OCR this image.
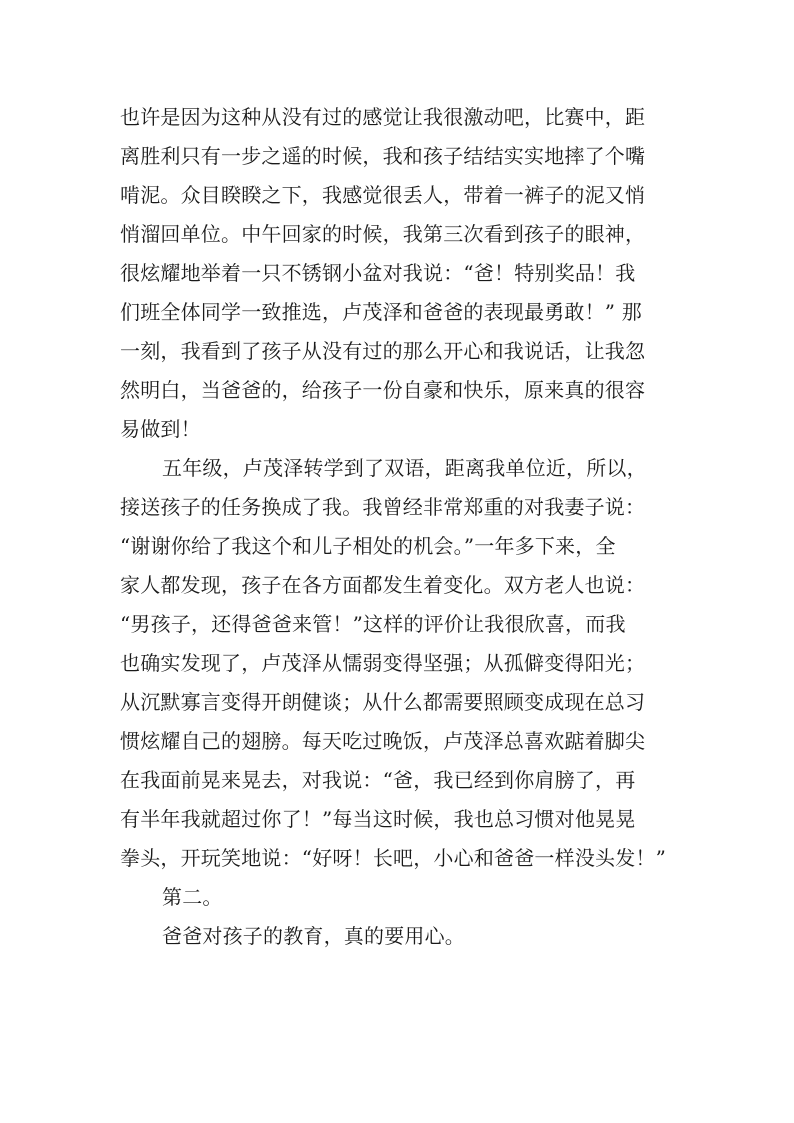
也许是因为这种从没有过的感觉让我很激动吧，比赛中，距
离胜利只有一步之遥的时候，我和孩子结结实实地摔了个嘴
啃泥。众目睽睽之下，我感觉很丢人，带着一裤子的泥又悄
悄溜回单位。中午回家的时候，我第三次看到孩子的眼神，
很炫耀地举着一只不锈钢小盆对我说：“爸！特别奖品！我
们班全体同学一致推选，卢茂泽和爸爸的表现最勇敢！” 那
一刻，我看到了孩子从没有过的那么开心和我说话，让我忽
然明白，当爸爸的，给孩子一份自豪和快乐，原来真的很容
易做到！
五年级，卢茂泽转学到了双语，距离我单位近，所以，
接送孩子的任务换成了我。我曾经非常郑重的对我妻子说：
“谢谢你给了我这个和儿子相处的机会。”一年多下来，全
家人都发现，孩子在各方面都发生着变化。双方老人也说：
“男孩子，还得爸爸来管！”这样的评价让我很欣喜，而我
也确实发现了，卢茂泽从懦弱变得坚强；从孤僻变得阳光；
从沉默寡言变得开朗健谈；从什么都需要照顾变成现在总习
惯炫耀自己的翅膀。每天吃过晚饭，卢茂泽总喜欢踮着脚尖
在我面前晃来晃去，对我说：“爸，我已经到你肩膀了，再
有半年我就超过你了！”每当这时候，我也总习惯对他晃晃
拳头，开玩笑地说：“好呀！长吧，小心和爸爸一样没头发！”
第二。
爸爸对孩子的教育，真的要用心。
